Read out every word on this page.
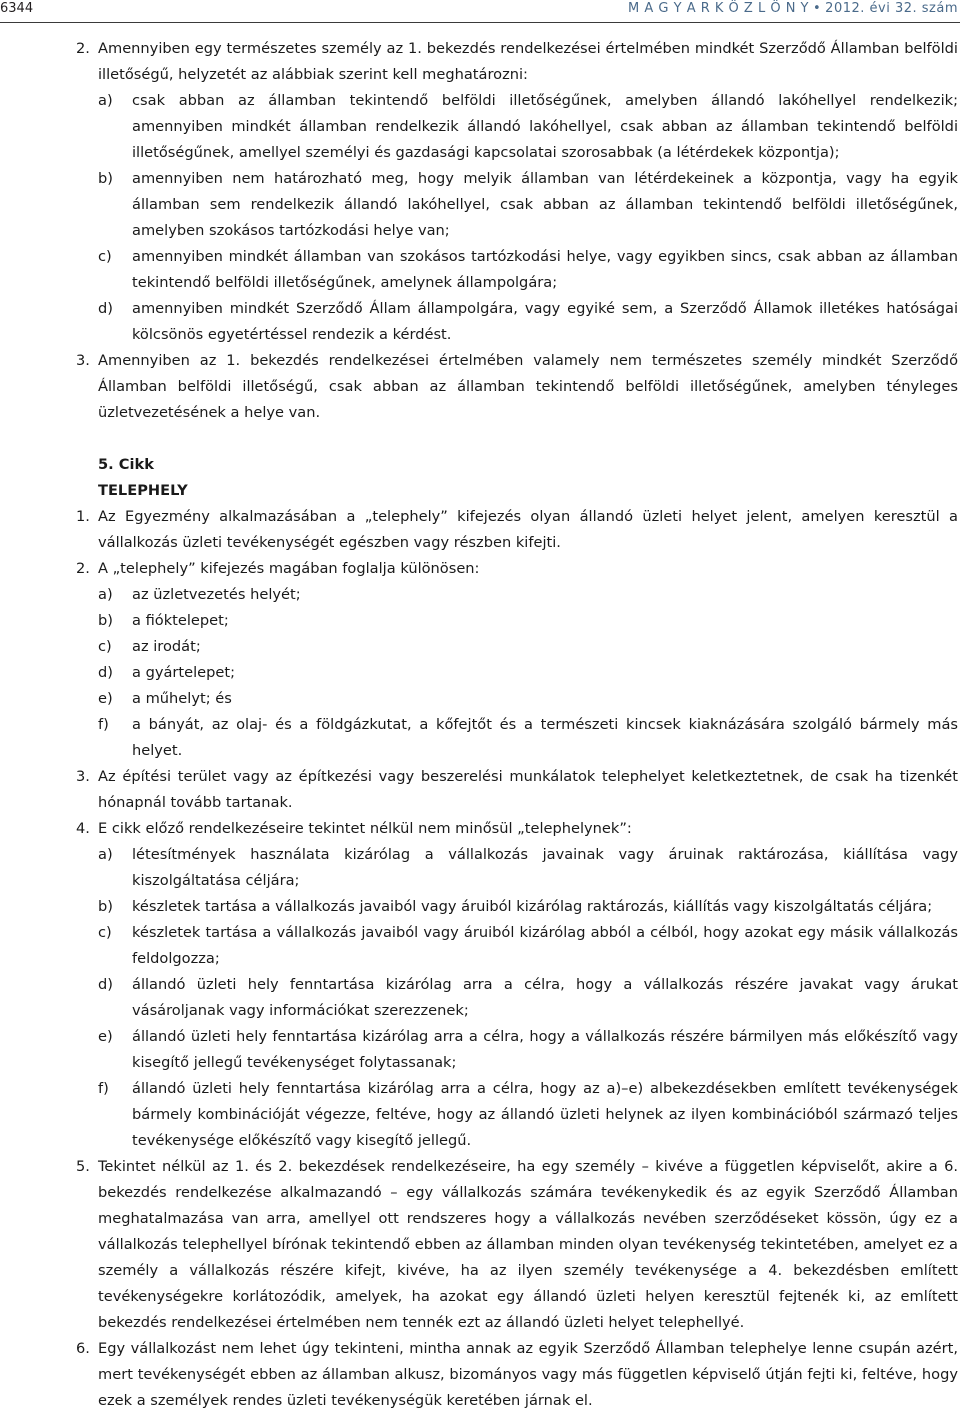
6344	M A G Y A R K Ö Z L Ö N Y • 2012. évi 32. szám

2. Amennyiben egy természetes személy az 1. bekezdés rendelkezései értelmében mindkét Szerződő Államban belföldi illetőségű, helyzetét az alábbiak szerint kell meghatározni:

a) csak abban az államban tekintendő belföldi illetőségűnek, amelyben állandó lakóhellyel rendelkezik; amennyiben mindkét államban rendelkezik állandó lakóhellyel, csak abban az államban tekintendő belföldi illetőségűnek, amellyel személyi és gazdasági kapcsolatai szorosabbak (a létérdekek központja);

b) amennyiben nem határozható meg, hogy melyik államban van létérdekeinek a központja, vagy ha egyik államban sem rendelkezik állandó lakóhellyel, csak abban az államban tekintendő belföldi illetőségűnek, amelyben szokásos tartózkodási helye van;

c) amennyiben mindkét államban van szokásos tartózkodási helye, vagy egyikben sincs, csak abban az államban tekintendő belföldi illetőségűnek, amelynek állampolgára;

d) amennyiben mindkét Szerződő Állam állampolgára, vagy egyiké sem, a Szerződő Államok illetékes hatóságai kölcsönös egyetértéssel rendezik a kérdést.

3. Amennyiben az 1. bekezdés rendelkezései értelmében valamely nem természetes személy mindkét Szerződő Államban belföldi illetőségű, csak abban az államban tekintendő belföldi illetőségűnek, amelyben tényleges üzletvezetésének a helye van.

5. Cikk

TELEPHELY

1. Az Egyezmény alkalmazásában a „telephely” kifejezés olyan állandó üzleti helyet jelent, amelyen keresztül a vállalkozás üzleti tevékenységét egészben vagy részben kifejti.

2. A „telephely” kifejezés magában foglalja különösen:

a) az üzletvezetés helyét;

b) a fióktelepet;

c) az irodát;

d) a gyártelepet;

e) a műhelyt; és

f) a bányát, az olaj- és a földgázkutat, a kőfejtőt és a természeti kincsek kiaknázására szolgáló bármely más helyet.

3. Az építési terület vagy az építkezési vagy beszerelési munkálatok telephelyet keletkeztetnek, de csak ha tizenkét hónapnál tovább tartanak.

4. E cikk előző rendelkezéseire tekintet nélkül nem minősül „telephelynek”:

a) létesítmények használata kizárólag a vállalkozás javainak vagy áruinak raktározása, kiállítása vagy kiszolgáltatása céljára;

b) készletek tartása a vállalkozás javaiból vagy áruiból kizárólag raktározás, kiállítás vagy kiszolgáltatás céljára;

c) készletek tartása a vállalkozás javaiból vagy áruiból kizárólag abból a célból, hogy azokat egy másik vállalkozás feldolgozza;

d) állandó üzleti hely fenntartása kizárólag arra a célra, hogy a vállalkozás részére javakat vagy árukat vásároljanak vagy információkat szerezzenek;

e) állandó üzleti hely fenntartása kizárólag arra a célra, hogy a vállalkozás részére bármilyen más előkészítő vagy kisegítő jellegű tevékenységet folytassanak;

f) állandó üzleti hely fenntartása kizárólag arra a célra, hogy az a)–e) albekezdésekben említett tevékenységek bármely kombinációját végezze, feltéve, hogy az állandó üzleti helynek az ilyen kombinációból származó teljes tevékenysége előkészítő vagy kisegítő jellegű.

5. Tekintet nélkül az 1. és 2. bekezdések rendelkezéseire, ha egy személy – kivéve a független képviselőt, akire a 6. bekezdés rendelkezése alkalmazandó – egy vállalkozás számára tevékenykedik és az egyik Szerződő Államban meghatalmazása van arra, amellyel ott rendszeres hogy a vállalkozás nevében szerződéseket kössön, úgy ez a vállalkozás telephellyel bírónak tekintendő ebben az államban minden olyan tevékenység tekintetében, amelyet ez a személy a vállalkozás részére kifejt, kivéve, ha az ilyen személy tevékenysége a 4. bekezdésben említett tevékenységekre korlátozódik, amelyek, ha azokat egy állandó üzleti helyen keresztül fejtenék ki, az említett bekezdés rendelkezései értelmében nem tennék ezt az állandó üzleti helyet telephellyé.

6. Egy vállalkozást nem lehet úgy tekinteni, mintha annak az egyik Szerződő Államban telephelye lenne csupán azért, mert tevékenységét ebben az államban alkusz, bizományos vagy más független képviselő útján fejti ki, feltéve, hogy ezek a személyek rendes üzleti tevékenységük keretében járnak el.
